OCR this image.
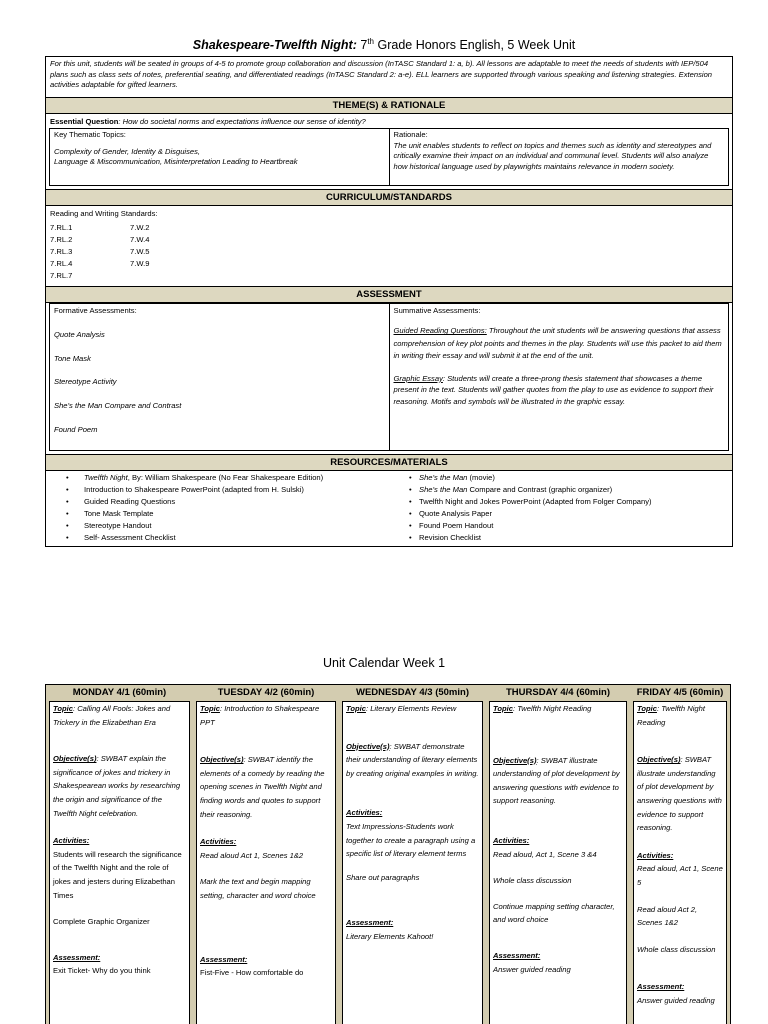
Shakespeare-Twelfth Night: 7th Grade Honors English, 5 Week Unit
For this unit, students will be seated in groups of 4-5 to promote group collaboration and discussion (InTASC Standard 1: a, b). All lessons are adaptable to meet the needs of students with IEP/504 plans such as class sets of notes, preferential seating, and differentiated readings (InTASC Standard 2: a-e). ELL learners are supported through various speaking and listening strategies. Extension activities adaptable for gifted learners.
THEME(S) & RATIONALE
Essential Question: How do societal norms and expectations influence our sense of identity?
Key Thematic Topics:
Complexity of Gender, Identity & Disguises,
Language & Miscommunication, Misinterpretation Leading to Heartbreak
Rationale:
The unit enables students to reflect on topics and themes such as identity and stereotypes and critically examine their impact on an individual and communal level. Students will also analyze how historical language used by playwrights maintains relevance in modern society.
CURRICULUM/STANDARDS
Reading and Writing Standards:
7.RL.1
7.RL.2
7.RL.3
7.RL.4
7.RL.7
7.W.2
7.W.4
7.W.5
7.W.9
ASSESSMENT
Formative Assessments:
Quote Analysis
Tone Mask
Stereotype Activity
She’s the Man Compare and Contrast
Found Poem
Summative Assessments:
Guided Reading Questions: Throughout the unit students will be answering questions that assess comprehension of key plot points and themes in the play. Students will use this packet to aid them in writing their essay and will submit it at the end of the unit.
Graphic Essay: Students will create a three-prong thesis statement that showcases a theme present in the text. Students will gather quotes from the play to use as evidence to support their reasoning. Motifs and symbols will be illustrated in the graphic essay.
RESOURCES/MATERIALS
• Twelfth Night, By: William Shakespeare (No Fear Shakespeare Edition)
• Introduction to Shakespeare PowerPoint (adapted from H. Sulski)
• Guided Reading Questions
• Tone Mask Template
• Stereotype Handout
• Self- Assessment Checklist
• She’s the Man (movie)
• She’s the Man Compare and Contrast (graphic organizer)
• Twelfth Night and Jokes PowerPoint (Adapted from Folger Company)
• Quote Analysis Paper
• Found Poem Handout
• Revision Checklist
Unit Calendar Week 1
MONDAY 4/1 (60min)

Topic: Calling All Fools: Jokes and Trickery in the Elizabethan Era

Objective(s): SWBAT explain the significance of jokes and trickery in Shakespearean works by researching the origin and significance of the Twelfth Night celebration.

Activities:

Students will research the significance of the Twelfth Night and the role of jokes and jesters during Elizabethan Times

Complete Graphic Organizer

Assessment:

Exit Ticket- Why do you think

TUESDAY 4/2 (60min)

Topic: Introduction to Shakespeare PPT

Objective(s): SWBAT identify the elements of a comedy by reading the opening scenes in Twelfth Night and finding words and quotes to support their reasoning.

Activities:

Read aloud Act 1, Scenes 1&2

Mark the text and begin mapping setting, character and word choice

Assessment:

Fist-Five - How comfortable do

WEDNESDAY 4/3 (50min)

Topic: Literary Elements Review

Objective(s): SWBAT demonstrate their understanding of literary elements by creating original examples in writing.

Activities:

Text Impressions-Students work together to create a paragraph using a specific list of literary element terms

Share out paragraphs

Assessment:

Literary Elements Kahoot!

THURSDAY 4/4 (60min)

Topic: Twelfth Night Reading

Objective(s): SWBAT illustrate understanding of plot development by answering questions with evidence to support reasoning.

Activities:

Read aloud, Act 1, Scene 3 &4

Whole class discussion

Continue mapping setting character, and word choice

Assessment:

Answer guided reading

FRIDAY 4/5 (60min)

Topic: Twelfth Night Reading

Objective(s): SWBAT illustrate understanding of plot development by answering questions with evidence to support reasoning.

Activities:

Read aloud, Act 1, Scene 5

Read aloud Act 2, Scenes 1&2

Whole class discussion

Assessment:

Answer guided reading
